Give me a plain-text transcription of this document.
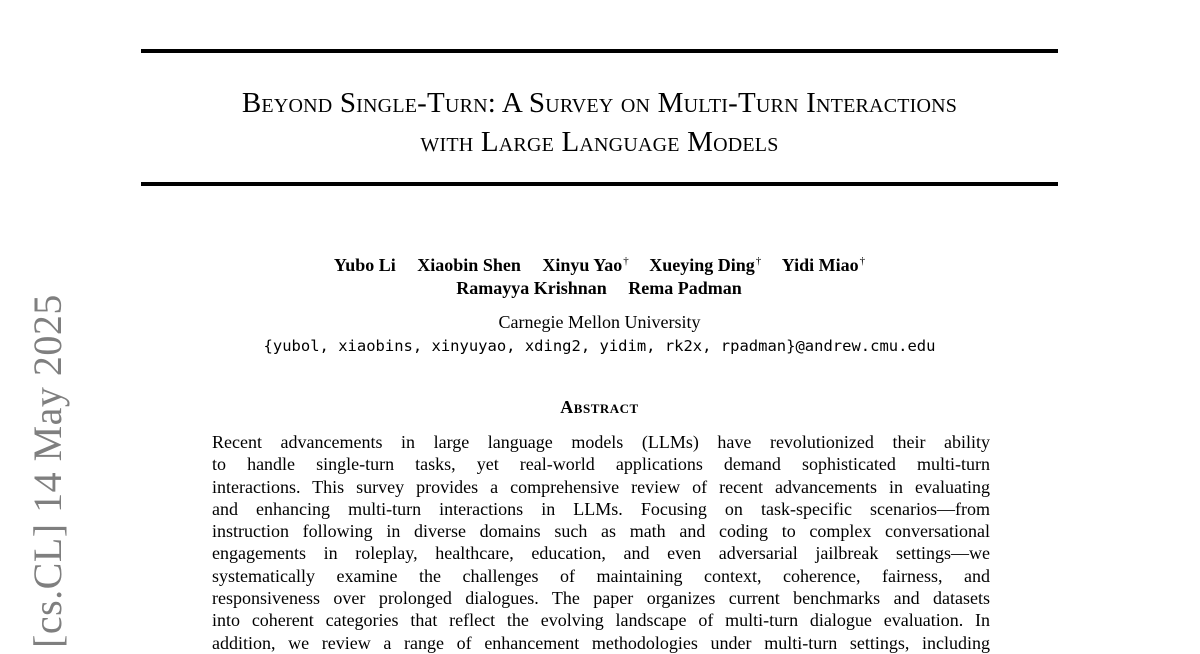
Beyond Single-Turn: A Survey on Multi-Turn Interactions
with Large Language Models
Yubo Li Xiaobin Shen Xinyu Yao† Xueying Ding† Yidi Miao†
Ramayya Krishnan Rema Padman
Carnegie Mellon University
{yubol, xiaobins, xinyuyao, xding2, yidim, rk2x, rpadman}@andrew.cmu.edu
Abstract
Recent advancements in large language models (LLMs) have revolutionized their ability
to handle single-turn tasks, yet real-world applications demand sophisticated multi-turn
interactions. This survey provides a comprehensive review of recent advancements in evaluating
and enhancing multi-turn interactions in LLMs. Focusing on task-specific scenarios—from
instruction following in diverse domains such as math and coding to complex conversational
engagements in roleplay, healthcare, education, and even adversarial jailbreak settings—we
systematically examine the challenges of maintaining context, coherence, fairness, and
responsiveness over prolonged dialogues. The paper organizes current benchmarks and datasets
into coherent categories that reflect the evolving landscape of multi-turn dialogue evaluation. In
addition, we review a range of enhancement methodologies under multi-turn settings, including
[cs.CL] 14 May 2025
